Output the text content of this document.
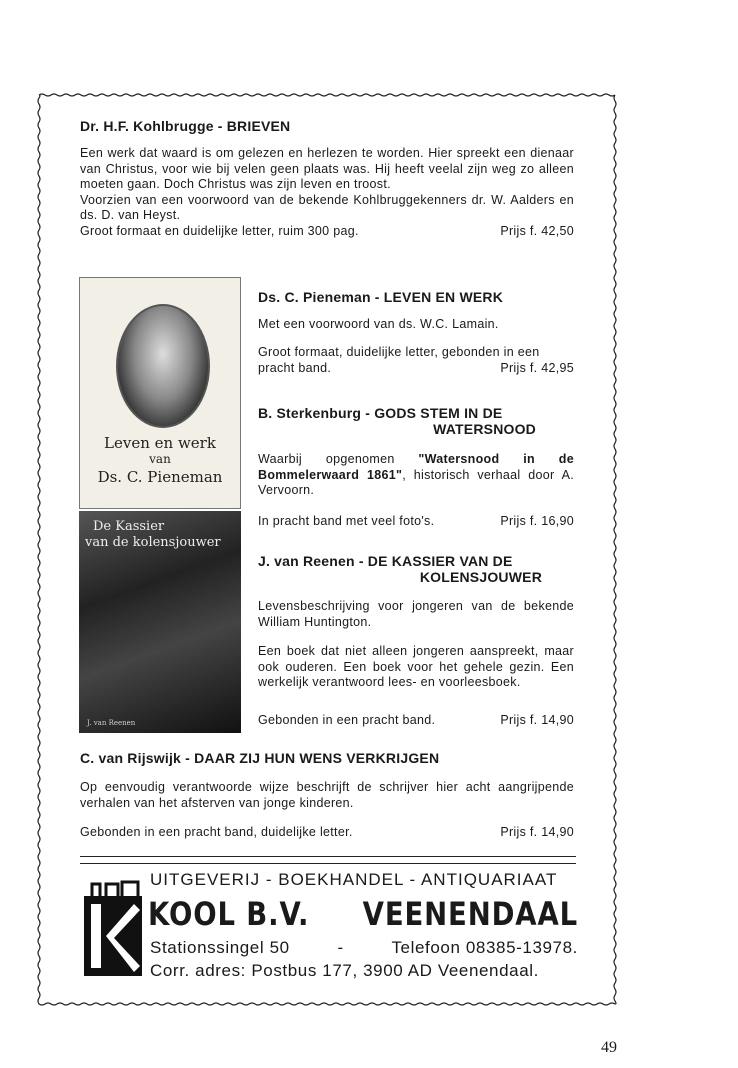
Dr. H.F. Kohlbrugge - BRIEVEN
Een werk dat waard is om gelezen en herlezen te worden. Hier spreekt een dienaar van Christus, voor wie bij velen geen plaats was. Hij heeft veelal zijn weg zo alleen moeten gaan. Doch Christus was zijn leven en troost.
Voorzien van een voorwoord van de bekende Kohlbruggekenners dr. W. Aalders en ds. D. van Heyst.
Groot formaat en duidelijke letter, ruim 300 pag.	Prijs f. 42,50
Leven en werk
van
Ds. C. Pieneman
Ds. C. Pieneman - LEVEN EN WERK
Met een voorwoord van ds. W.C. Lamain.
Groot formaat, duidelijke letter, gebonden in een pracht band.	Prijs f. 42,95
B. Sterkenburg - GODS STEM IN DE
WATERSNOOD
Waarbij opgenomen "Watersnood in de Bommelerwaard 1861", historisch verhaal door A. Vervoorn.
In pracht band met veel foto's.	Prijs f. 16,90
De Kassier
van de kolensjouwer
J. van Reenen
J. van Reenen - DE KASSIER VAN DE
KOLENSJOUWER
Levensbeschrijving voor jongeren van de bekende William Huntington.
Een boek dat niet alleen jongeren aanspreekt, maar ook ouderen. Een boek voor het gehele gezin. Een werkelijk verantwoord lees- en voorleesboek.
Gebonden in een pracht band.	Prijs f. 14,90
C. van Rijswijk - DAAR ZIJ HUN WENS VERKRIJGEN
Op eenvoudig verantwoorde wijze beschrijft de schrijver hier acht aangrijpende verhalen van het afsterven van jonge kinderen.
Gebonden in een pracht band, duidelijke letter.	Prijs f. 14,90
UITGEVERIJ - BOEKHANDEL - ANTIQUARIAAT
KOOL B.V. VEENENDAAL
Stationssingel 50	-	Telefoon 08385-13978.
Corr. adres: Postbus 177, 3900 AD Veenendaal.
49
